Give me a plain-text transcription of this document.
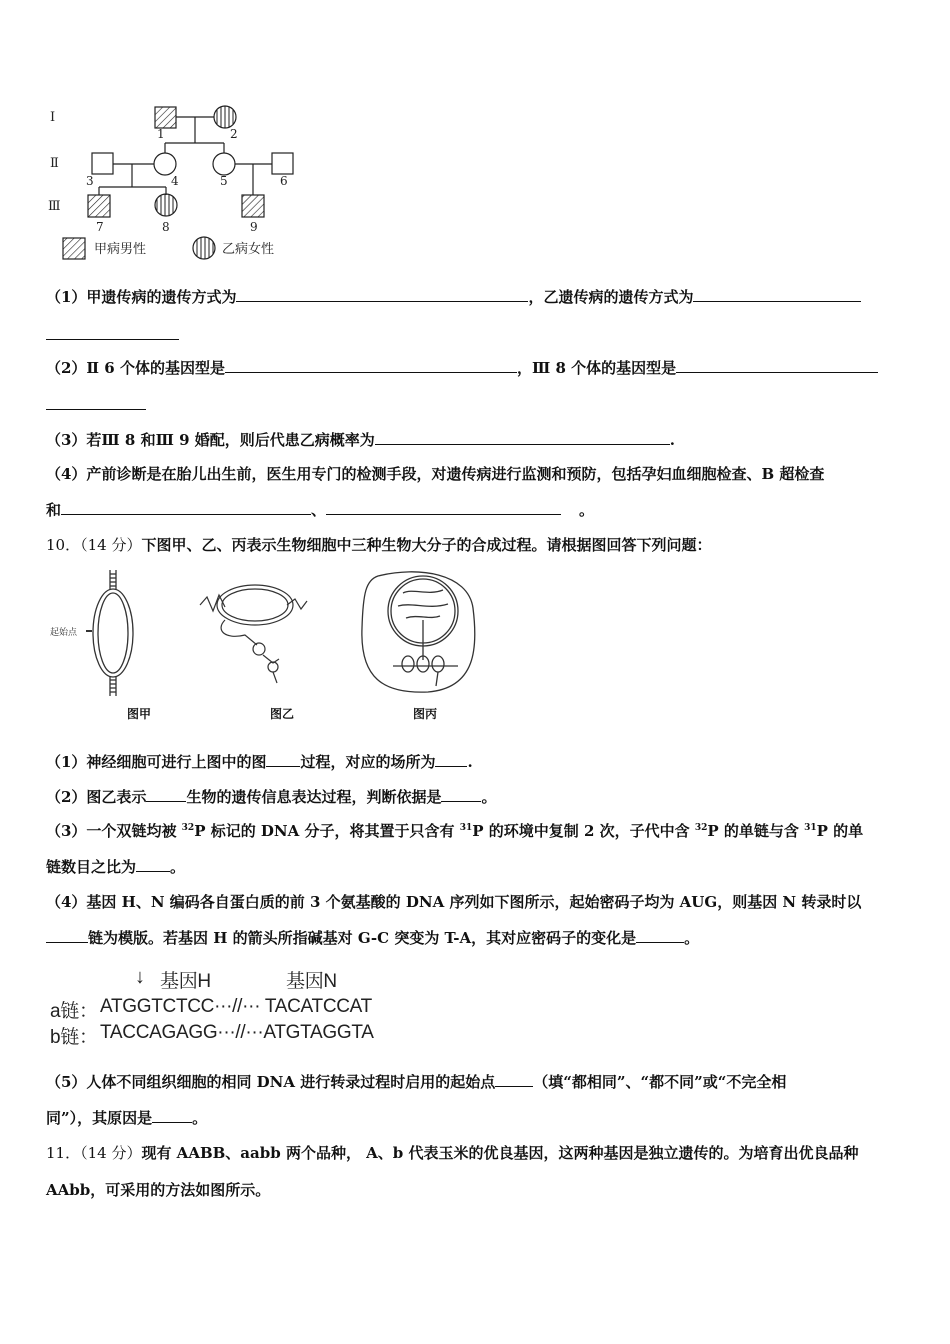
Ⅰ
Ⅱ
Ⅲ
1	2
3	4	5	6
7	8	9
甲病男性	乙病女性
（1）甲遗传病的遗传方式为	，乙遗传病的遗传方式为
（2）Ⅱ 6 个体的基因型是	，Ⅲ 8 个体的基因型是
（3）若Ⅲ 8 和Ⅲ 9 婚配，则后代患乙病概率为	.
（4）产前诊断是在胎儿出生前，医生用专门的检测手段，对遗传病进行监测和预防，包括孕妇血细胞检查、B 超检查
和	、	。
10．（14 分）下图甲、乙、丙表示生物细胞中三种生物大分子的合成过程。请根据图回答下列问题：
起始点
图甲	图乙	图丙
（1）神经细胞可进行上图中的图 过程，对应的场所为 .
（2）图乙表示	生物的遗传信息表达过程，判断依据是	。
（3）一个双链均被 $^{32}$P 标记的 DNA 分子，将其置于只含有 $^{31}$P 的环境中复制 2 次，子代中含 $^{32}$P 的单链与含 $^{31}$P 的单
链数目之比为 。
（4）基因 H、N 编码各自蛋白质的前 3 个氨基酸的 DNA 序列如下图所示，起始密码子均为 AUG，则基因 N 转录时以
链为模版。若基因 H 的箭头所指碱基对 G-C 突变为 T-A，其对应密码子的变化是	。
↓ 基因H	基因N
a链： ATGGTCTCC···//··· TACATCCAT
b链： TACCAGAGG···//···ATGTAGGTA
（5）人体不同组织细胞的相同 DNA 进行转录过程时启用的起始点	（填“都相同”、“都不同”或“不完全相
同”），其原因是	。
11．（14 分）现有 AABB、aabb 两个品种， A、b 代表玉米的优良基因，这两种基因是独立遗传的。为培育出优良品种
AAbb，可采用的方法如图所示。
